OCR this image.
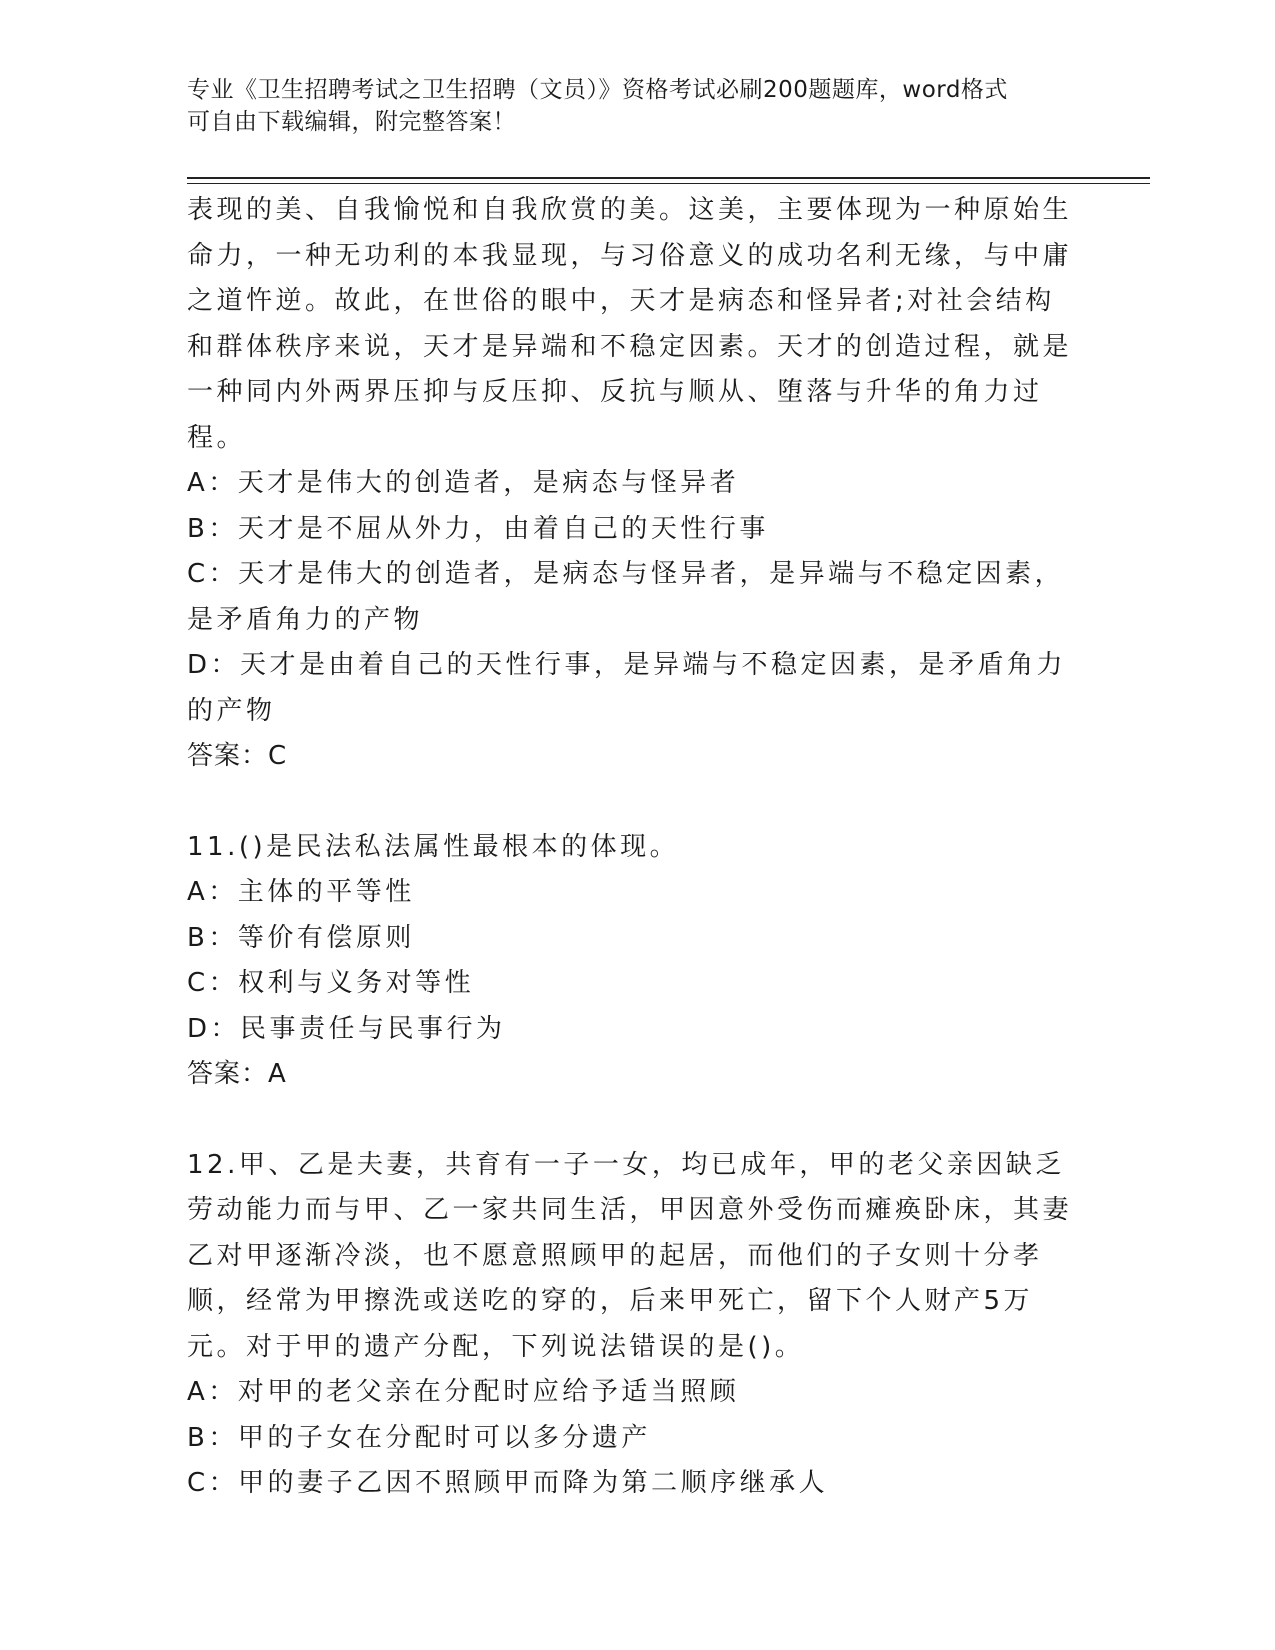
专业《卫生招聘考试之卫生招聘（文员）》资格考试必刷200题题库，word格式
可自由下载编辑，附完整答案！

表现的美、自我愉悦和自我欣赏的美。这美，主要体现为一种原始生命力，一种无功利的本我显现，与习俗意义的成功名利无缘，与中庸之道忤逆。故此，在世俗的眼中，天才是病态和怪异者;对社会结构和群体秩序来说，天才是异端和不稳定因素。天才的创造过程，就是一种同内外两界压抑与反压抑、反抗与顺从、堕落与升华的角力过程。

A：天才是伟大的创造者，是病态与怪异者

B：天才是不屈从外力，由着自己的天性行事

C：天才是伟大的创造者，是病态与怪异者，是异端与不稳定因素，是矛盾角力的产物

D：天才是由着自己的天性行事，是异端与不稳定因素，是矛盾角力的产物

答案：C

11.()是民法私法属性最根本的体现。

A：主体的平等性

B：等价有偿原则

C：权利与义务对等性

D：民事责任与民事行为

答案：A

12.甲、乙是夫妻，共育有一子一女，均已成年，甲的老父亲因缺乏劳动能力而与甲、乙一家共同生活，甲因意外受伤而瘫痪卧床，其妻乙对甲逐渐冷淡，也不愿意照顾甲的起居，而他们的子女则十分孝顺，经常为甲擦洗或送吃的穿的，后来甲死亡，留下个人财产5万元。对于甲的遗产分配，下列说法错误的是()。

A：对甲的老父亲在分配时应给予适当照顾

B：甲的子女在分配时可以多分遗产

C：甲的妻子乙因不照顾甲而降为第二顺序继承人
